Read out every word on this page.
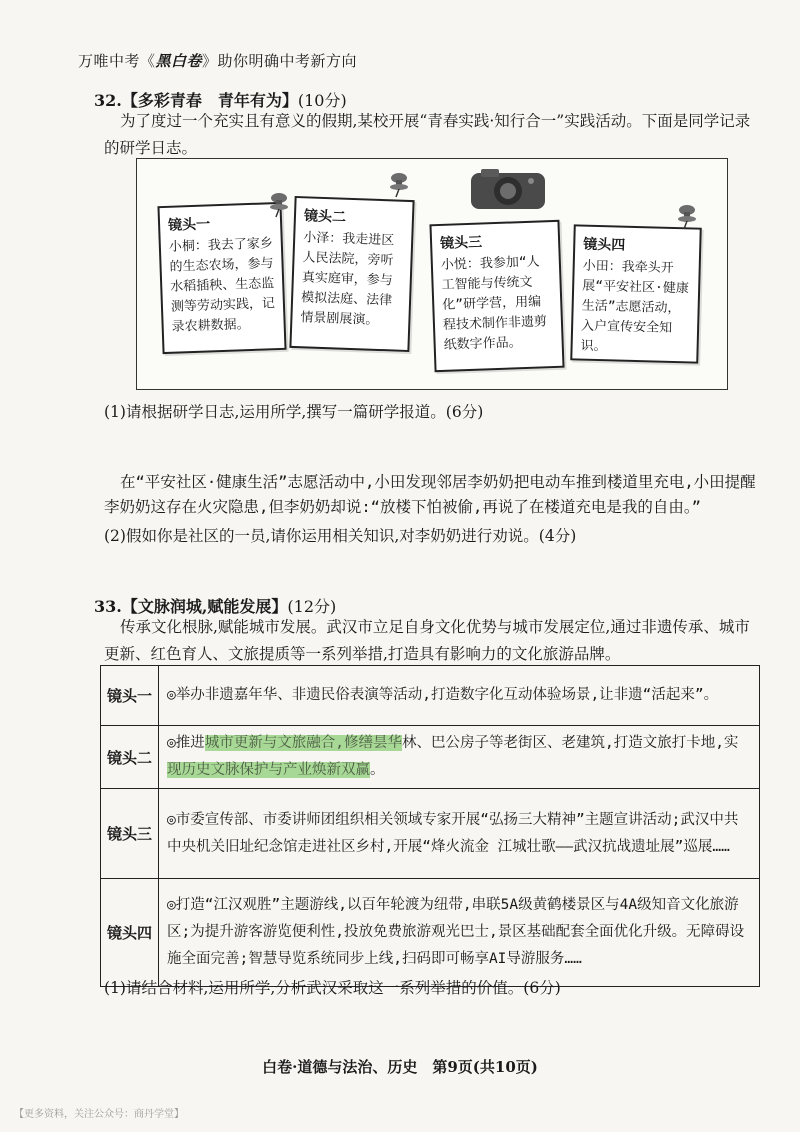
万唯中考《黑白卷》助你明确中考新方向
32.【多彩青春　青年有为】(10分)
为了度过一个充实且有意义的假期,某校开展“青春实践·知行合一”实践活动。下面是同学记录的研学日志。
镜头一
小桐：我去了家乡的生态农场，参与水稻插秧、生态监测等劳动实践，记录农耕数据。
镜头二
小泽：我走进区人民法院，旁听真实庭审，参与模拟法庭、法律情景剧展演。
镜头三
小悦：我参加“人工智能与传统文化”研学营，用编程技术制作非遗剪纸数字作品。
镜头四
小田：我牵头开展“平安社区·健康生活”志愿活动，入户宣传安全知识。
(1)请根据研学日志,运用所学,撰写一篇研学报道。(6分)
在“平安社区·健康生活”志愿活动中,小田发现邻居李奶奶把电动车推到楼道里充电,小田提醒李奶奶这存在火灾隐患,但李奶奶却说:“放楼下怕被偷,再说了在楼道充电是我的自由。”
(2)假如你是社区的一员,请你运用相关知识,对李奶奶进行劝说。(4分)
33.【文脉润城,赋能发展】(12分)
传承文化根脉,赋能城市发展。武汉市立足自身文化优势与城市发展定位,通过非遗传承、城市更新、红色育人、文旅提质等一系列举措,打造具有影响力的文化旅游品牌。
镜头一	◎举办非遗嘉年华、非遗民俗表演等活动,打造数字化互动体验场景,让非遗“活起来”。
镜头二	◎推进城市更新与文旅融合,修缮昙华林、巴公房子等老街区、老建筑,打造文旅打卡地,实现历史文脉保护与产业焕新双赢。
镜头三	◎市委宣传部、市委讲师团组织相关领域专家开展“弘扬三大精神”主题宣讲活动;武汉中共中央机关旧址纪念馆走进社区乡村,开展“烽火流金 江城壮歌——武汉抗战遗址展”巡展……
镜头四	◎打造“江汉观胜”主题游线,以百年轮渡为纽带,串联5A级黄鹤楼景区与4A级知音文化旅游区;为提升游客游览便利性,投放免费旅游观光巴士,景区基础配套全面优化升级。无障碍设施全面完善;智慧导览系统同步上线,扫码即可畅享AI导游服务……
(1)请结合材料,运用所学,分析武汉采取这一系列举措的价值。(6分)
白卷·道德与法治、历史　第9页(共10页)
【更多资料，关注公众号：商丹学堂】
